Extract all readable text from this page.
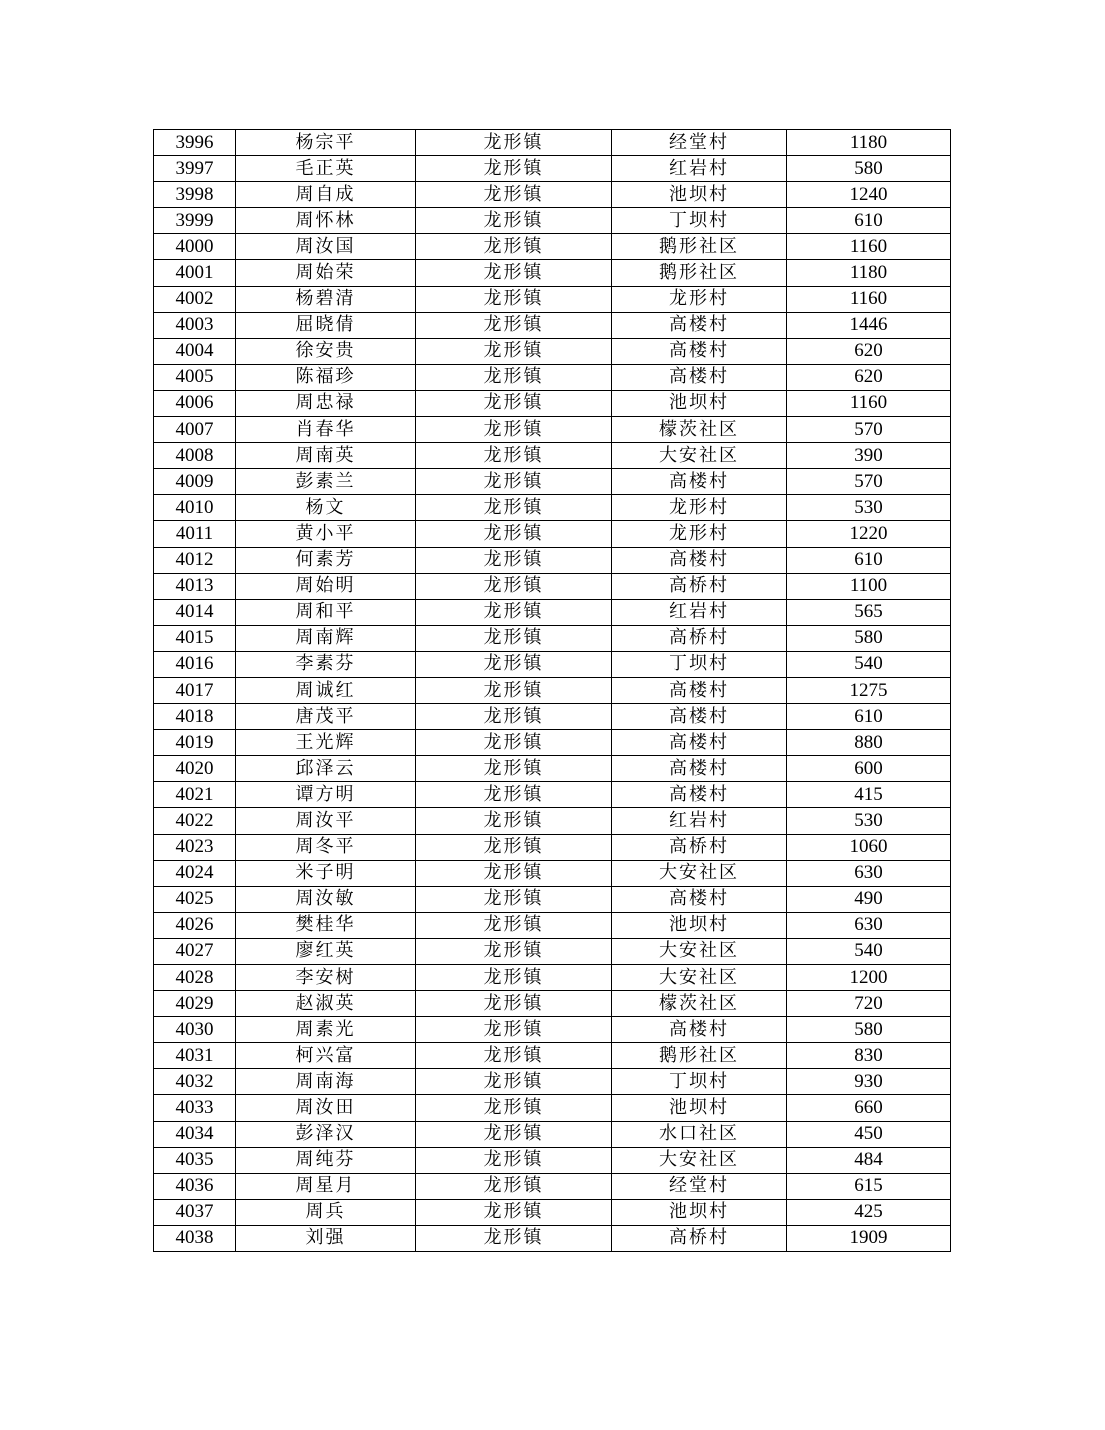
3996	杨宗平	龙形镇	经堂村	1180
3997	毛正英	龙形镇	红岩村	580
3998	周自成	龙形镇	池坝村	1240
3999	周怀林	龙形镇	丁坝村	610
4000	周汝国	龙形镇	鹅形社区	1160
4001	周始荣	龙形镇	鹅形社区	1180
4002	杨碧清	龙形镇	龙形村	1160
4003	屈晓倩	龙形镇	高楼村	1446
4004	徐安贵	龙形镇	高楼村	620
4005	陈福珍	龙形镇	高楼村	620
4006	周忠禄	龙形镇	池坝村	1160
4007	肖春华	龙形镇	檬茨社区	570
4008	周南英	龙形镇	大安社区	390
4009	彭素兰	龙形镇	高楼村	570
4010	杨文	龙形镇	龙形村	530
4011	黄小平	龙形镇	龙形村	1220
4012	何素芳	龙形镇	高楼村	610
4013	周始明	龙形镇	高桥村	1100
4014	周和平	龙形镇	红岩村	565
4015	周南辉	龙形镇	高桥村	580
4016	李素芬	龙形镇	丁坝村	540
4017	周诚红	龙形镇	高楼村	1275
4018	唐茂平	龙形镇	高楼村	610
4019	王光辉	龙形镇	高楼村	880
4020	邱泽云	龙形镇	高楼村	600
4021	谭方明	龙形镇	高楼村	415
4022	周汝平	龙形镇	红岩村	530
4023	周冬平	龙形镇	高桥村	1060
4024	米子明	龙形镇	大安社区	630
4025	周汝敏	龙形镇	高楼村	490
4026	樊桂华	龙形镇	池坝村	630
4027	廖红英	龙形镇	大安社区	540
4028	李安树	龙形镇	大安社区	1200
4029	赵淑英	龙形镇	檬茨社区	720
4030	周素光	龙形镇	高楼村	580
4031	柯兴富	龙形镇	鹅形社区	830
4032	周南海	龙形镇	丁坝村	930
4033	周汝田	龙形镇	池坝村	660
4034	彭泽汉	龙形镇	水口社区	450
4035	周纯芬	龙形镇	大安社区	484
4036	周星月	龙形镇	经堂村	615
4037	周兵	龙形镇	池坝村	425
4038	刘强	龙形镇	高桥村	1909
